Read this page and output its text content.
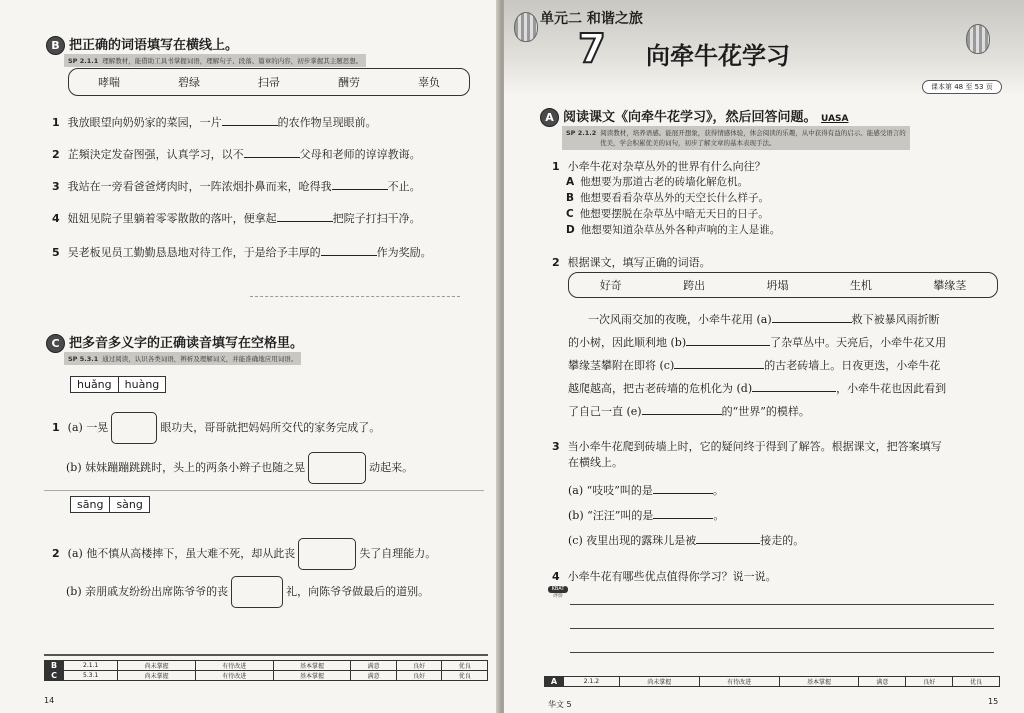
B 把正确的词语填写在横线上。
SP 2.1.1 理解教材，能借助工具书掌握词语，理解句子、段落、篇章的内容，初步掌握其主题思想。
哮喘	碧绿	扫帚	酬劳	辜负
1 我放眼望向奶奶家的菜园，一片	的农作物呈现眼前。
2 芷頻決定发奋图强，认真学习，以不	父母和老师的谆谆教诲。
3 我站在一旁看爸爸烤肉时，一阵浓烟扑鼻而来，呛得我	不止。
4 妞妞见院子里躺着零零散散的落叶，便拿起	把院子打扫干净。
5 吴老板见员工勤勤恳恳地对待工作，于是给予丰厚的	作为奖励。
C 把多音多义字的正确读音填写在空格里。
SP 5.3.1 通过阅读，认识各类词语，辨析及理解词义，并能准确地应用词语。
huǎng	huàng
1 (a) 一晃	眼功夫，哥哥就把妈妈所交代的家务完成了。
(b) 妹妹蹦蹦跳跳时，头上的两条小辫子也随之晃	动起来。
sāng	sàng
2 (a) 他不慎从高楼摔下，虽大难不死，却从此丧	失了自理能力。
(b) 亲朋戚友纷纷出席陈爷爷的丧	礼，向陈爷爷做最后的道别。
B	2.1.1	尚未掌握	有待改进	基本掌握	满意	良好	优良
C	5.3.1	尚未掌握	有待改进	基本掌握	满意	良好	优良
14
单元二 和谐之旅
7 向牵牛花学习
课本第 48 至 53 页
A 阅读课文《向牵牛花学习》，然后回答问题。 UASA
SP 2.1.2 阅读教材，培养语感。能展开想象，获得情感体验，体会阅读的乐趣，从中获得有益的启示。能感受语言的
优美，学会积累优美的词句，初步了解文章的基本表现手法。
1 小牵牛花对杂草丛外的世界有什么向往？
A 他想要为那道古老的砖墙化解危机。
B 他想要看看杂草丛外的天空长什么样子。
C 他想要摆脱在杂草丛中暗无天日的日子。
D 他想要知道杂草丛外各种声响的主人是谁。
2 根据课文，填写正确的词语。
好奇	跨出	坍塌	生机	攀缘茎
一次风雨交加的夜晚，小牵牛花用 (a)	救下被暴风雨折断
的小树，因此顺利地 (b)	了杂草丛中。天亮后，小牵牛花又用
攀缘茎攀附在即将 (c)	的古老砖墙上。日夜更迭，小牵牛花
越爬越高，把古老砖墙的危机化为 (d)	，小牵牛花也因此看到
了自己一直 (e)	的“世界”的模样。
3 当小牵牛花爬到砖墙上时，它的疑问终于得到了解答。根据课文，把答案填写
在横线上。
(a) “吱吱”叫的是	。
(b) “汪汪”叫的是	。
(c) 夜里出现的露珠儿是被	接走的。
4 小牵牛花有哪些优点值得你学习？说一说。
KBAT
评价
A	2.1.2	尚未掌握	有待改进	基本掌握	满意	良好	优良
华文 5	15
